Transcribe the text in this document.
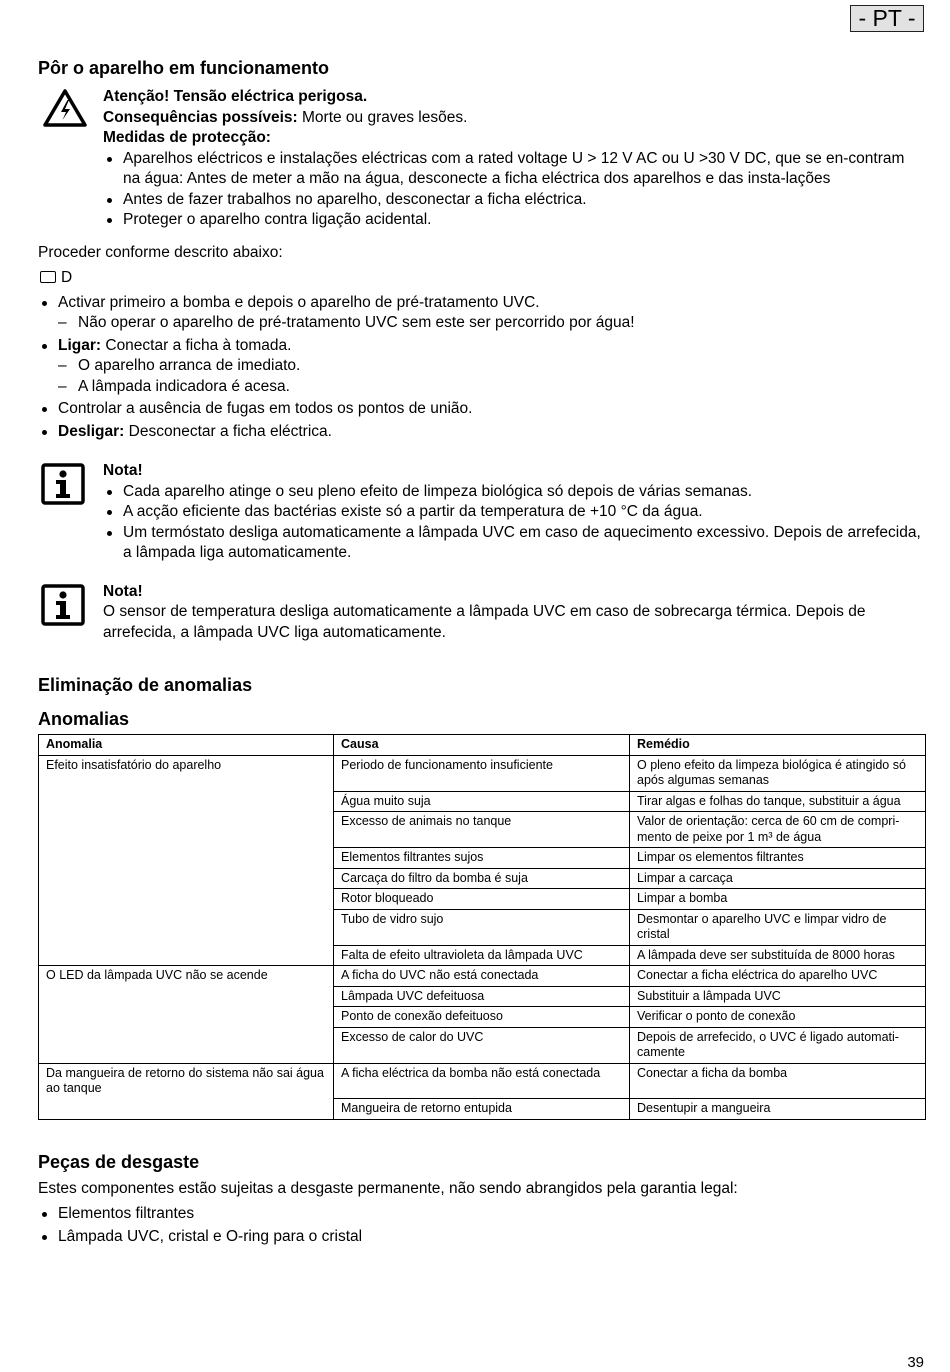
- PT -
Pôr o aparelho em funcionamento

Atenção! Tensão eléctrica perigosa.

Consequências possíveis: Morte ou graves lesões.

Medidas de protecção:

Aparelhos eléctricos e instalações eléctricas com a rated voltage U > 12 V AC ou U >30 V DC, que se en-contram na água: Antes de meter a mão na água, desconecte a ficha eléctrica dos aparelhos e das insta-lações
Antes de fazer trabalhos no aparelho, desconectar a ficha eléctrica.
Proteger o aparelho contra ligação acidental.

Proceder conforme descrito abaixo:

D

Activar primeiro a bomba e depois o aparelho de pré-tratamento UVC.
– Não operar o aparelho de pré-tratamento UVC sem este ser percorrido por água!
Ligar: Conectar a ficha à tomada.
– O aparelho arranca de imediato.
– A lâmpada indicadora é acesa.
Controlar a ausência de fugas em todos os pontos de união.
Desligar: Desconectar a ficha eléctrica.

Nota!

Cada aparelho atinge o seu pleno efeito de limpeza biológica só depois de várias semanas.
A acção eficiente das bactérias existe só a partir da temperatura de +10 °C da água.
Um termóstato desliga automaticamente a lâmpada UVC em caso de aquecimento excessivo. Depois de arrefecida, a lâmpada liga automaticamente.

Nota!

O sensor de temperatura desliga automaticamente a lâmpada UVC em caso de sobrecarga térmica. Depois de arrefecida, a lâmpada UVC liga automaticamente.

Eliminação de anomalias
Anomalias
Anomalia	Causa	Remédio
Efeito insatisfatório do aparelho	Periodo de funcionamento insuficiente	O pleno efeito da limpeza biológica é atingido só após algumas semanas
	Água muito suja	Tirar algas e folhas do tanque, substituir a água
	Excesso de animais no tanque	Valor de orientação: cerca de 60 cm de compri-mento de peixe por 1 m³ de água
	Elementos filtrantes sujos	Limpar os elementos filtrantes
	Carcaça do filtro da bomba é suja	Limpar a carcaça
	Rotor bloqueado	Limpar a bomba
	Tubo de vidro sujo	Desmontar o aparelho UVC e limpar vidro de cristal
	Falta de efeito ultravioleta da lâmpada UVC	A lâmpada deve ser substituída de 8000 horas
O LED da lâmpada UVC não se acende	A ficha do UVC não está conectada	Conectar a ficha eléctrica do aparelho UVC
	Lâmpada UVC defeituosa	Substituir a lâmpada UVC
	Ponto de conexão defeituoso	Verificar o ponto de conexão
	Excesso de calor do UVC	Depois de arrefecido, o UVC é ligado automati-camente
Da mangueira de retorno do sistema não sai água ao tanque	A ficha eléctrica da bomba não está conectada	Conectar a ficha da bomba
	Mangueira de retorno entupida	Desentupir a mangueira
Peças de desgaste

Estes componentes estão sujeitas a desgaste permanente, não sendo abrangidos pela garantia legal:

Elementos filtrantes
Lâmpada UVC, cristal e O-ring para o cristal
39
